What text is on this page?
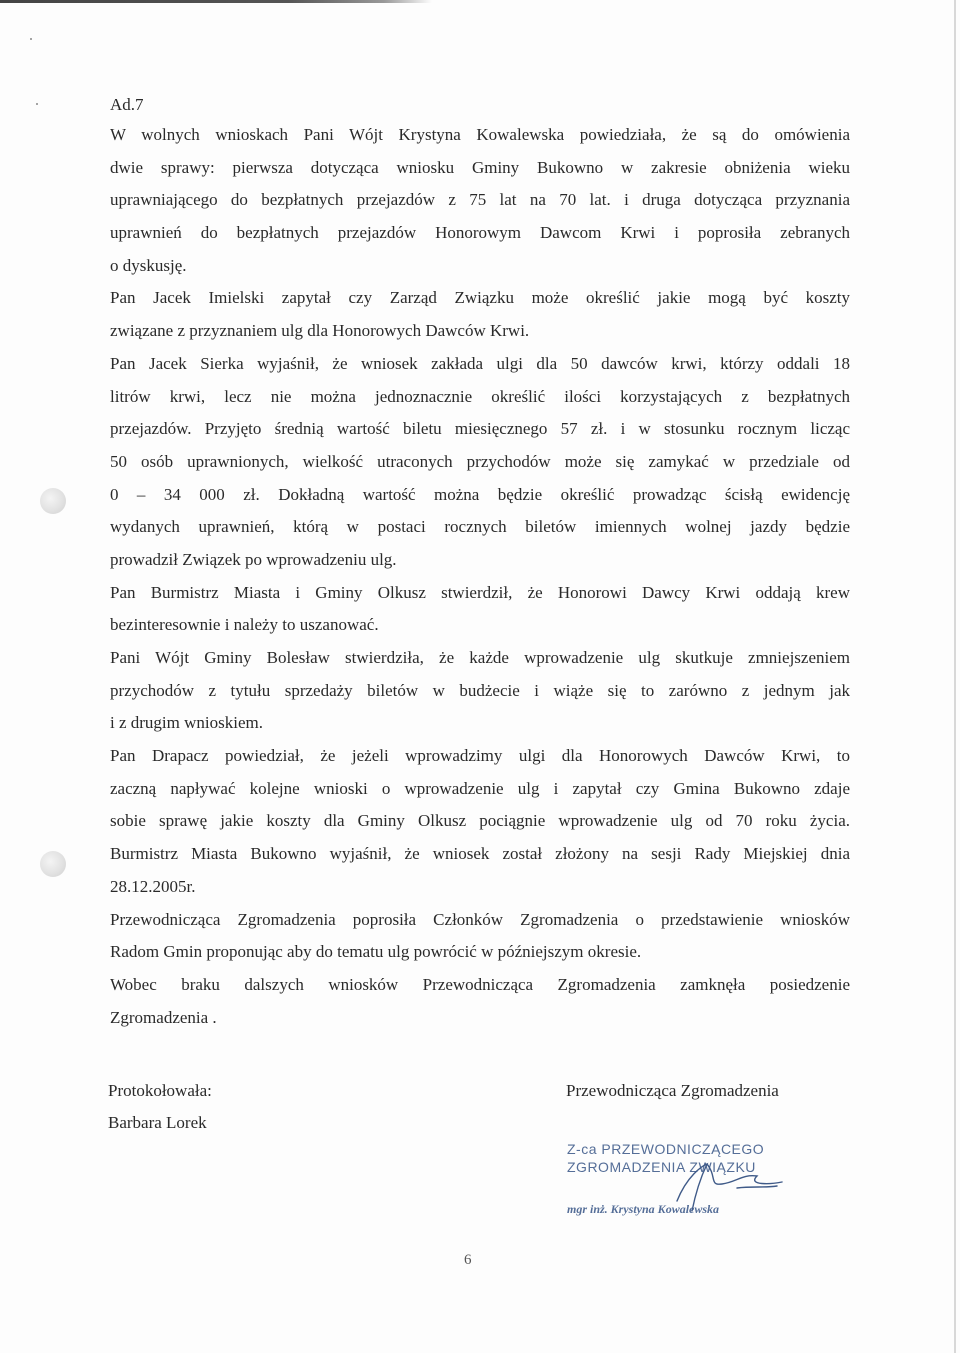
Ad.7
W wolnych wnioskach Pani Wójt Krystyna Kowalewska powiedziała, że są do omówienia
dwie sprawy: pierwsza dotycząca wniosku Gminy Bukowno w zakresie obniżenia wieku
uprawniającego do bezpłatnych przejazdów z 75 lat na 70 lat. i druga dotycząca przyznania
uprawnień do bezpłatnych przejazdów Honorowym Dawcom Krwi i poprosiła zebranych
o dyskusję.
Pan Jacek Imielski zapytał czy Zarząd Związku może określić jakie mogą być koszty
związane z przyznaniem ulg dla Honorowych Dawców Krwi.
Pan Jacek Sierka wyjaśnił, że wniosek zakłada ulgi dla 50 dawców krwi, którzy oddali 18
litrów krwi, lecz nie można jednoznacznie określić ilości korzystających z bezpłatnych
przejazdów. Przyjęto średnią wartość biletu miesięcznego 57 zł. i w stosunku rocznym licząc
50 osób uprawnionych, wielkość utraconych przychodów może się zamykać w przedziale od
0 – 34 000 zł. Dokładną wartość można będzie określić prowadząc ścisłą ewidencję
wydanych uprawnień, którą w postaci rocznych biletów imiennych wolnej jazdy będzie
prowadził Związek po wprowadzeniu ulg.
Pan Burmistrz Miasta i Gminy Olkusz stwierdził, że Honorowi Dawcy Krwi oddają krew
bezinteresownie i należy to uszanować.
Pani Wójt Gminy Bolesław stwierdziła, że każde wprowadzenie ulg skutkuje zmniejszeniem
przychodów z tytułu sprzedaży biletów w budżecie i wiąże się to zarówno z jednym jak
i z drugim wnioskiem.
Pan Drapacz powiedział, że jeżeli wprowadzimy ulgi dla Honorowych Dawców Krwi, to
zaczną napływać kolejne wnioski o wprowadzenie ulg i zapytał czy Gmina Bukowno zdaje
sobie sprawę jakie koszty dla Gminy Olkusz pociągnie wprowadzenie ulg od 70 roku życia.
Burmistrz Miasta Bukowno wyjaśnił, że wniosek został złożony na sesji Rady Miejskiej dnia
28.12.2005r.
Przewodnicząca Zgromadzenia poprosiła Członków Zgromadzenia o przedstawienie wniosków
Radom Gmin proponując aby do tematu ulg powrócić w późniejszym okresie.
Wobec braku dalszych wniosków Przewodnicząca Zgromadzenia zamknęła posiedzenie
Zgromadzenia .
Protokołowała:
Barbara Lorek
Przewodnicząca Zgromadzenia
Z-ca PRZEWODNICZĄCEGO
ZGROMADZENIA ZWIĄZKU
mgr inż. Krystyna Kowalewska
6
